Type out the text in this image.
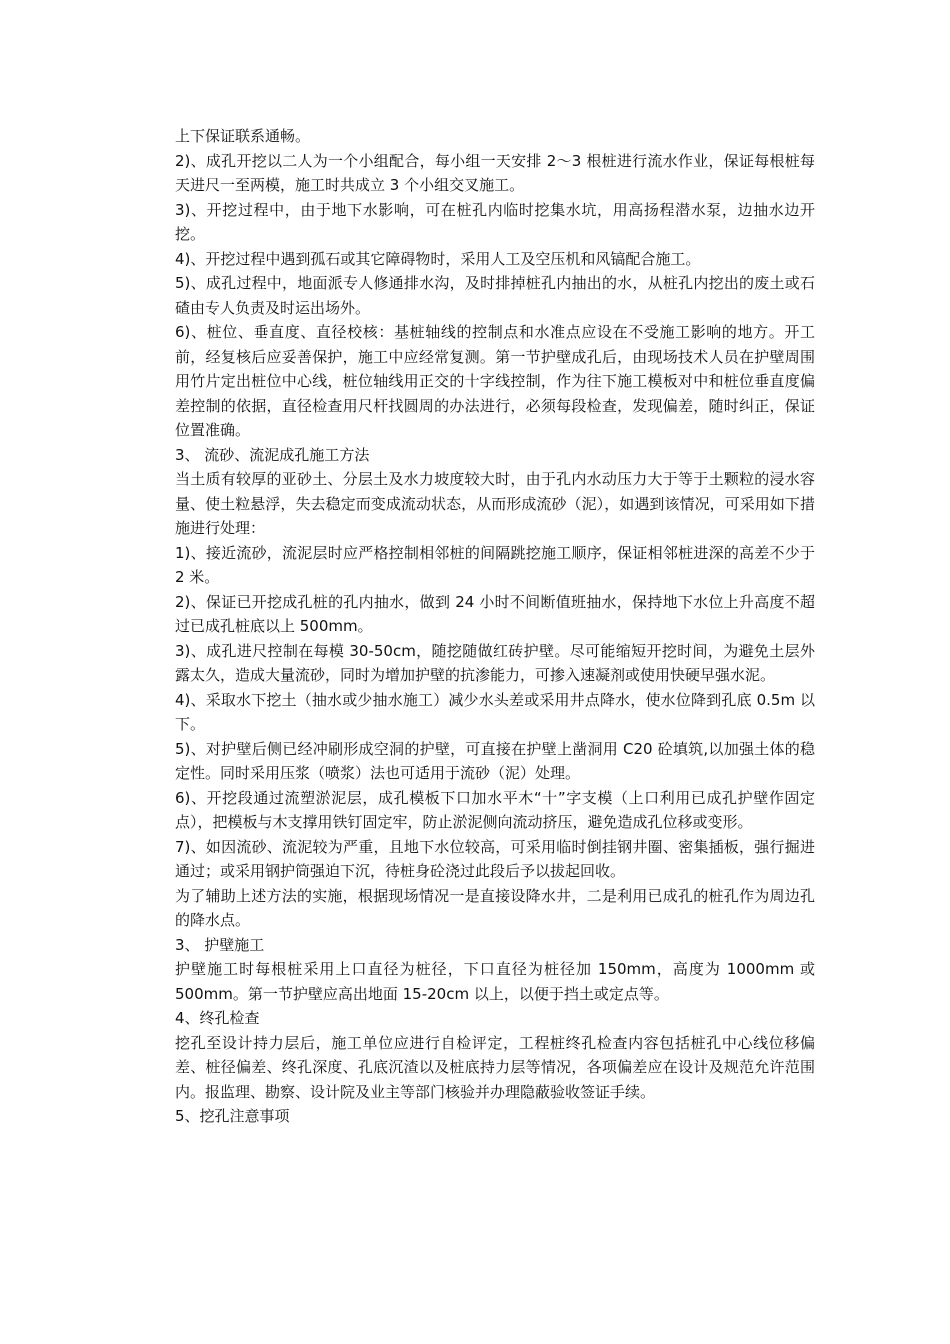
上下保证联系通畅。

2)、成孔开挖以二人为一个小组配合，每小组一天安排 2～3 根桩进行流水作业，保证每根桩每天进尺一至两模，施工时共成立 3 个小组交叉施工。

3)、开挖过程中，由于地下水影响，可在桩孔内临时挖集水坑，用高扬程潜水泵，边抽水边开挖。

4)、开挖过程中遇到孤石或其它障碍物时，采用人工及空压机和风镐配合施工。

5)、成孔过程中，地面派专人修通排水沟，及时排掉桩孔内抽出的水，从桩孔内挖出的废土或石碴由专人负责及时运出场外。

6)、桩位、垂直度、直径校核：基桩轴线的控制点和水准点应设在不受施工影响的地方。开工前，经复核后应妥善保护，施工中应经常复测。第一节护壁成孔后，由现场技术人员在护壁周围用竹片定出桩位中心线，桩位轴线用正交的十字线控制，作为往下施工模板对中和桩位垂直度偏差控制的依据，直径检查用尺杆找圆周的办法进行，必须每段检查，发现偏差，随时纠正，保证位置准确。

3、 流砂、流泥成孔施工方法

当土质有较厚的亚砂土、分层土及水力坡度较大时，由于孔内水动压力大于等于土颗粒的浸水容量、使土粒悬浮，失去稳定而变成流动状态，从而形成流砂（泥），如遇到该情况，可采用如下措施进行处理：

1)、接近流砂，流泥层时应严格控制相邻桩的间隔跳挖施工顺序，保证相邻桩进深的高差不少于 2 米。

2)、保证已开挖成孔桩的孔内抽水，做到 24 小时不间断值班抽水，保持地下水位上升高度不超过已成孔桩底以上 500mm。

3)、成孔进尺控制在每模 30-50cm，随挖随做红砖护壁。尽可能缩短开挖时间，为避免土层外露太久，造成大量流砂，同时为增加护壁的抗渗能力，可掺入速凝剂或使用快硬早强水泥。

4)、采取水下挖土（抽水或少抽水施工）减少水头差或采用井点降水，使水位降到孔底 0.5m 以下。

5)、对护壁后侧已经冲刷形成空洞的护壁，可直接在护壁上凿洞用 C20 砼填筑,以加强土体的稳定性。同时采用压浆（喷浆）法也可适用于流砂（泥）处理。

6)、开挖段通过流塑淤泥层，成孔模板下口加水平木“十”字支模（上口利用已成孔护壁作固定点），把模板与木支撑用铁钉固定牢，防止淤泥侧向流动挤压，避免造成孔位移或变形。

7)、如因流砂、流泥较为严重，且地下水位较高，可采用临时倒挂钢井圈、密集插板，强行掘进通过；或采用钢护筒强迫下沉，待桩身砼浇过此段后予以拔起回收。

为了辅助上述方法的实施，根据现场情况一是直接设降水井，二是利用已成孔的桩孔作为周边孔的降水点。

3、 护壁施工

护壁施工时每根桩采用上口直径为桩径，下口直径为桩径加 150mm，高度为 1000mm 或 500mm。第一节护壁应高出地面 15-20cm 以上，以便于挡土或定点等。

4、终孔检查

挖孔至设计持力层后，施工单位应进行自检评定，工程桩终孔检查内容包括桩孔中心线位移偏差、桩径偏差、终孔深度、孔底沉渣以及桩底持力层等情况，各项偏差应在设计及规范允许范围内。报监理、勘察、设计院及业主等部门核验并办理隐蔽验收签证手续。

5、挖孔注意事项
